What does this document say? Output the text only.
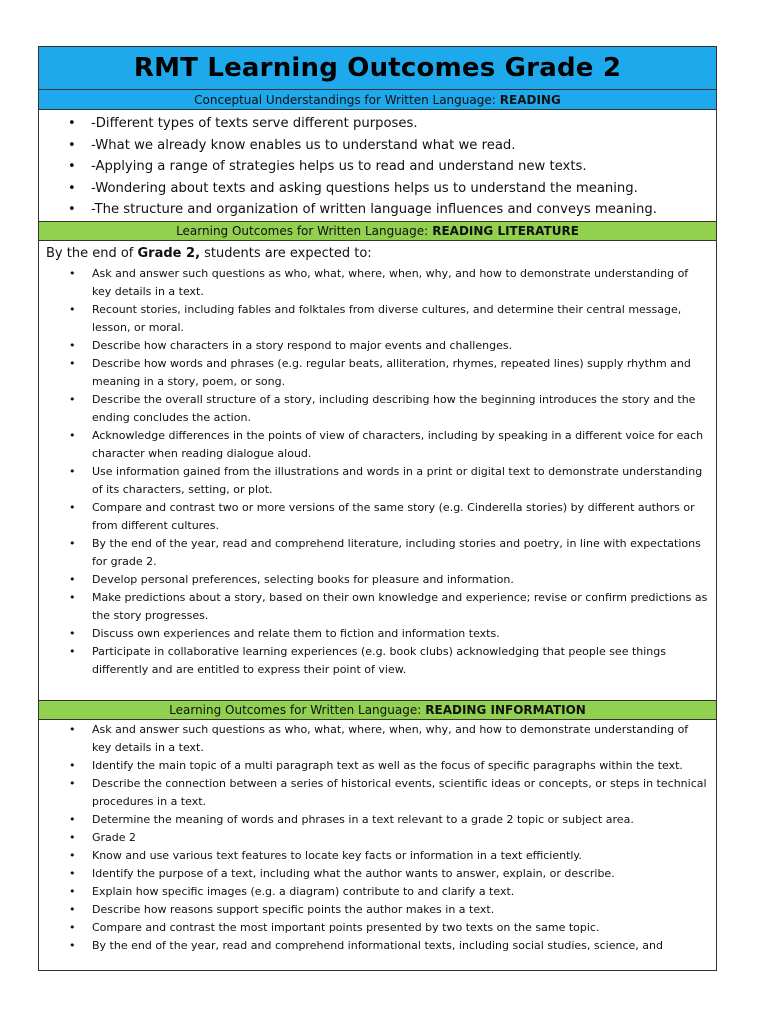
RMT Learning Outcomes Grade 2
Conceptual Understandings for Written Language: READING
• -Different types of texts serve different purposes.
• -What we already know enables us to understand what we read.
• -Applying a range of strategies helps us to read and understand new texts.
• -Wondering about texts and asking questions helps us to understand the meaning.
• -The structure and organization of written language influences and conveys meaning.
Learning Outcomes for Written Language: READING LITERATURE
By the end of Grade 2, students are expected to:
• Ask and answer such questions as who, what, where, when, why, and how to demonstrate understanding of key details in a text.
• Recount stories, including fables and folktales from diverse cultures, and determine their central message, lesson, or moral.
• Describe how characters in a story respond to major events and challenges.
• Describe how words and phrases (e.g. regular beats, alliteration, rhymes, repeated lines) supply rhythm and meaning in a story, poem, or song.
• Describe the overall structure of a story, including describing how the beginning introduces the story and the ending concludes the action.
• Acknowledge differences in the points of view of characters, including by speaking in a different voice for each character when reading dialogue aloud.
• Use information gained from the illustrations and words in a print or digital text to demonstrate understanding of its characters, setting, or plot.
• Compare and contrast two or more versions of the same story (e.g. Cinderella stories) by different authors or from different cultures.
• By the end of the year, read and comprehend literature, including stories and poetry, in line with expectations for grade 2.
• Develop personal preferences, selecting books for pleasure and information.
• Make predictions about a story, based on their own knowledge and experience; revise or confirm predictions as the story progresses.
• Discuss own experiences and relate them to fiction and information texts.
• Participate in collaborative learning experiences (e.g. book clubs) acknowledging that people see things differently and are entitled to express their point of view.
Learning Outcomes for Written Language: READING INFORMATION
• Ask and answer such questions as who, what, where, when, why, and how to demonstrate understanding of key details in a text.
• Identify the main topic of a multi paragraph text as well as the focus of specific paragraphs within the text.
• Describe the connection between a series of historical events, scientific ideas or concepts, or steps in technical procedures in a text.
• Determine the meaning of words and phrases in a text relevant to a grade 2 topic or subject area.
• Grade 2
• Know and use various text features to locate key facts or information in a text efficiently.
• Identify the purpose of a text, including what the author wants to answer, explain, or describe.
• Explain how specific images (e.g. a diagram) contribute to and clarify a text.
• Describe how reasons support specific points the author makes in a text.
• Compare and contrast the most important points presented by two texts on the same topic.
• By the end of the year, read and comprehend informational texts, including social studies, science, and
